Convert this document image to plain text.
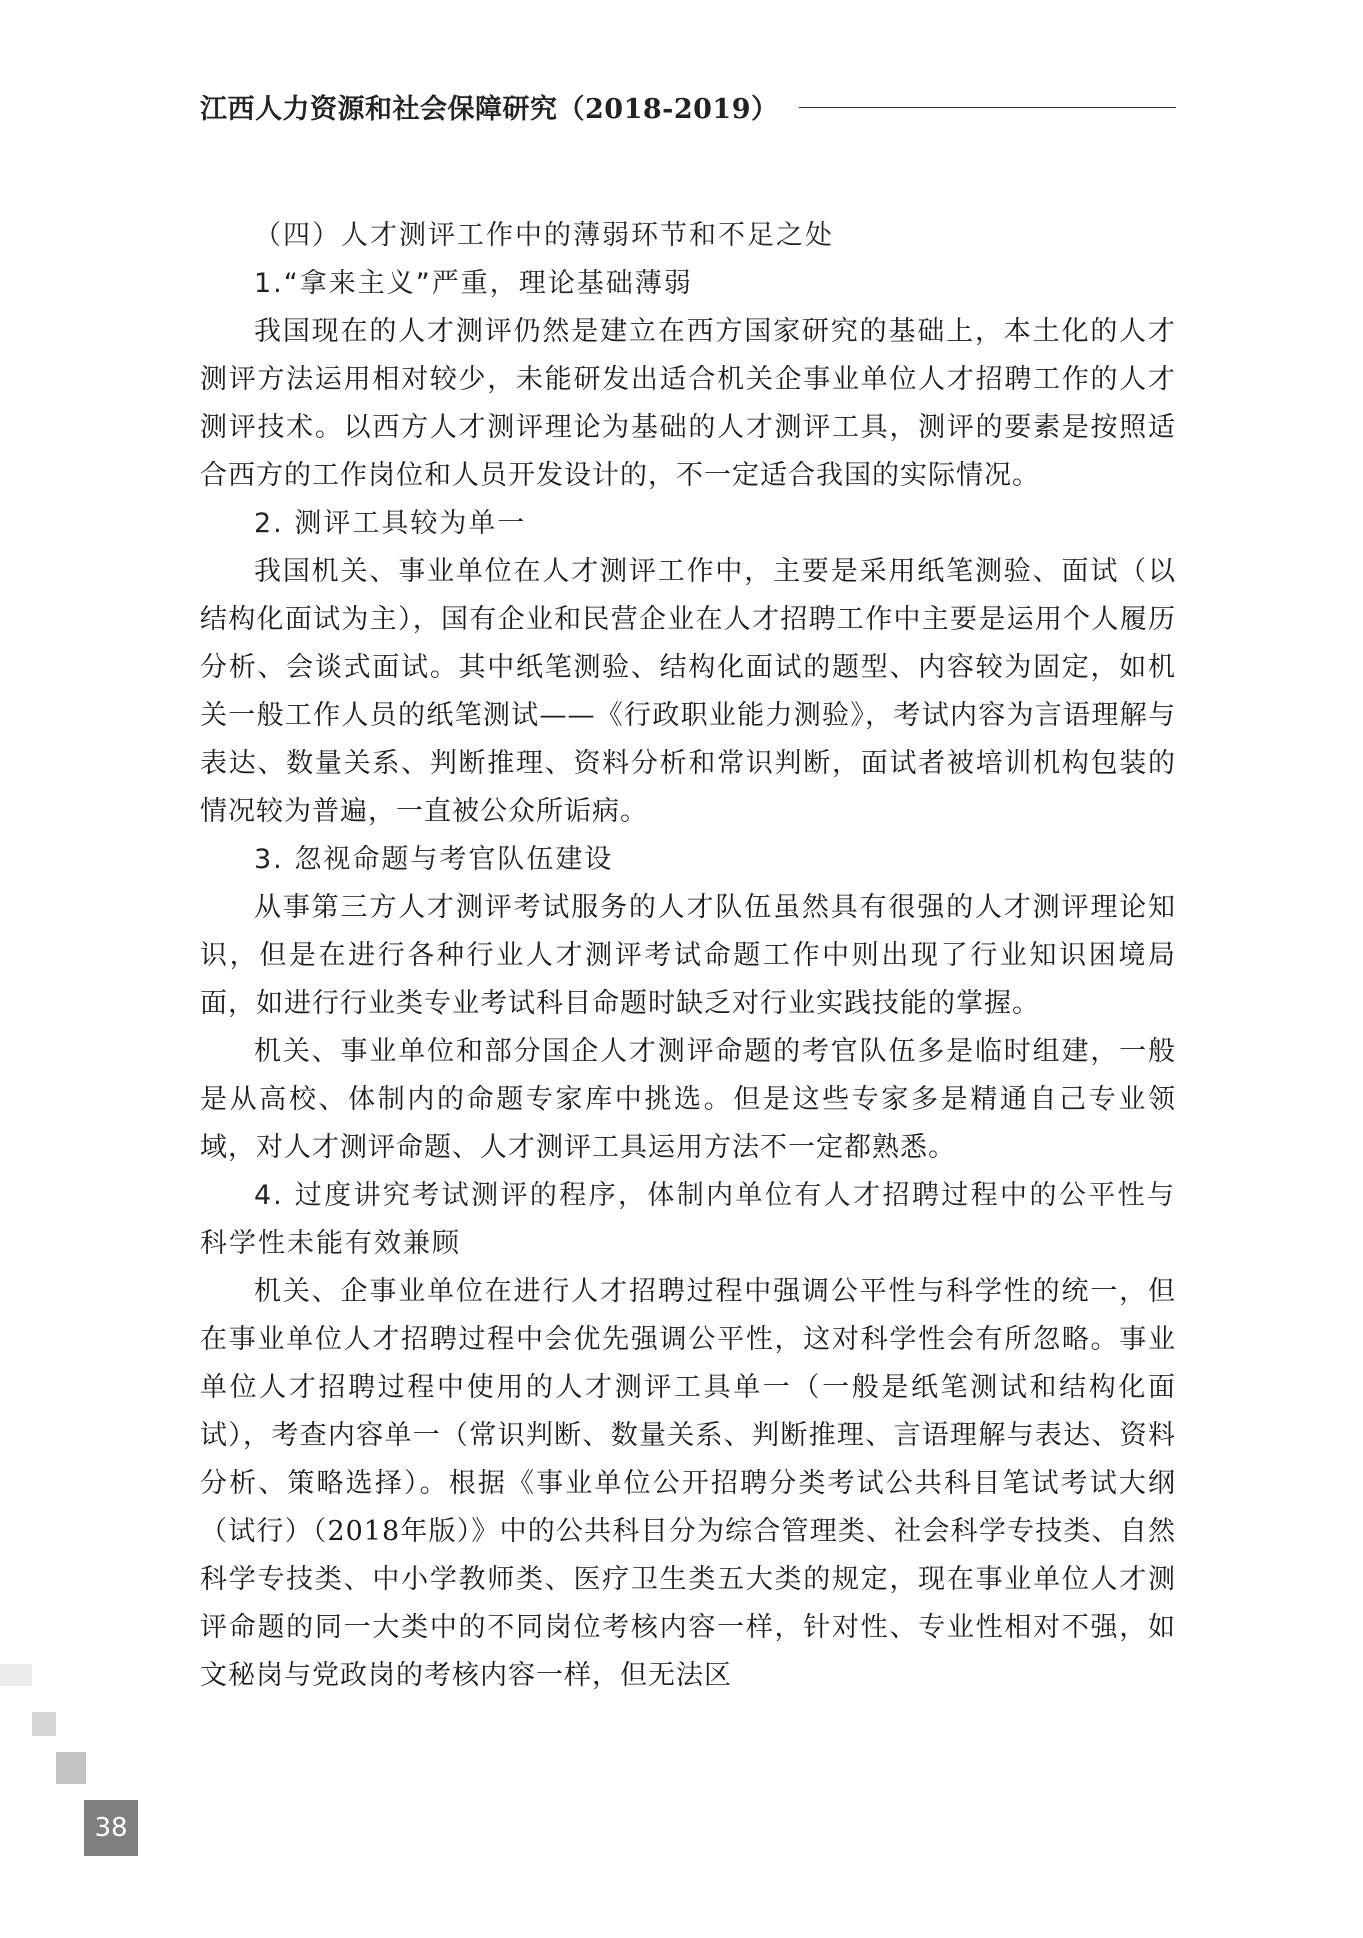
江西人力资源和社会保障研究（2018-2019）

（四）人才测评工作中的薄弱环节和不足之处

1.“拿来主义”严重，理论基础薄弱

我国现在的人才测评仍然是建立在西方国家研究的基础上，本土化的人才测评方法运用相对较少，未能研发出适合机关企事业单位人才招聘工作的人才测评技术。以西方人才测评理论为基础的人才测评工具，测评的要素是按照适合西方的工作岗位和人员开发设计的，不一定适合我国的实际情况。

2. 测评工具较为单一

我国机关、事业单位在人才测评工作中，主要是采用纸笔测验、面试（以结构化面试为主），国有企业和民营企业在人才招聘工作中主要是运用个人履历分析、会谈式面试。其中纸笔测验、结构化面试的题型、内容较为固定，如机关一般工作人员的纸笔测试——《行政职业能力测验》，考试内容为言语理解与表达、数量关系、判断推理、资料分析和常识判断，面试者被培训机构包装的情况较为普遍，一直被公众所诟病。

3. 忽视命题与考官队伍建设

从事第三方人才测评考试服务的人才队伍虽然具有很强的人才测评理论知识，但是在进行各种行业人才测评考试命题工作中则出现了行业知识困境局面，如进行行业类专业考试科目命题时缺乏对行业实践技能的掌握。

机关、事业单位和部分国企人才测评命题的考官队伍多是临时组建，一般是从高校、体制内的命题专家库中挑选。但是这些专家多是精通自己专业领域，对人才测评命题、人才测评工具运用方法不一定都熟悉。

4. 过度讲究考试测评的程序，体制内单位有人才招聘过程中的公平性与科学性未能有效兼顾

机关、企事业单位在进行人才招聘过程中强调公平性与科学性的统一，但在事业单位人才招聘过程中会优先强调公平性，这对科学性会有所忽略。事业单位人才招聘过程中使用的人才测评工具单一（一般是纸笔测试和结构化面试），考查内容单一（常识判断、数量关系、判断推理、言语理解与表达、资料分析、策略选择）。根据《事业单位公开招聘分类考试公共科目笔试考试大纲（试行）（2018年版）》中的公共科目分为综合管理类、社会科学专技类、自然科学专技类、中小学教师类、医疗卫生类五大类的规定，现在事业单位人才测评命题的同一大类中的不同岗位考核内容一样，针对性、专业性相对不强，如文秘岗与党政岗的考核内容一样，但无法区

38
